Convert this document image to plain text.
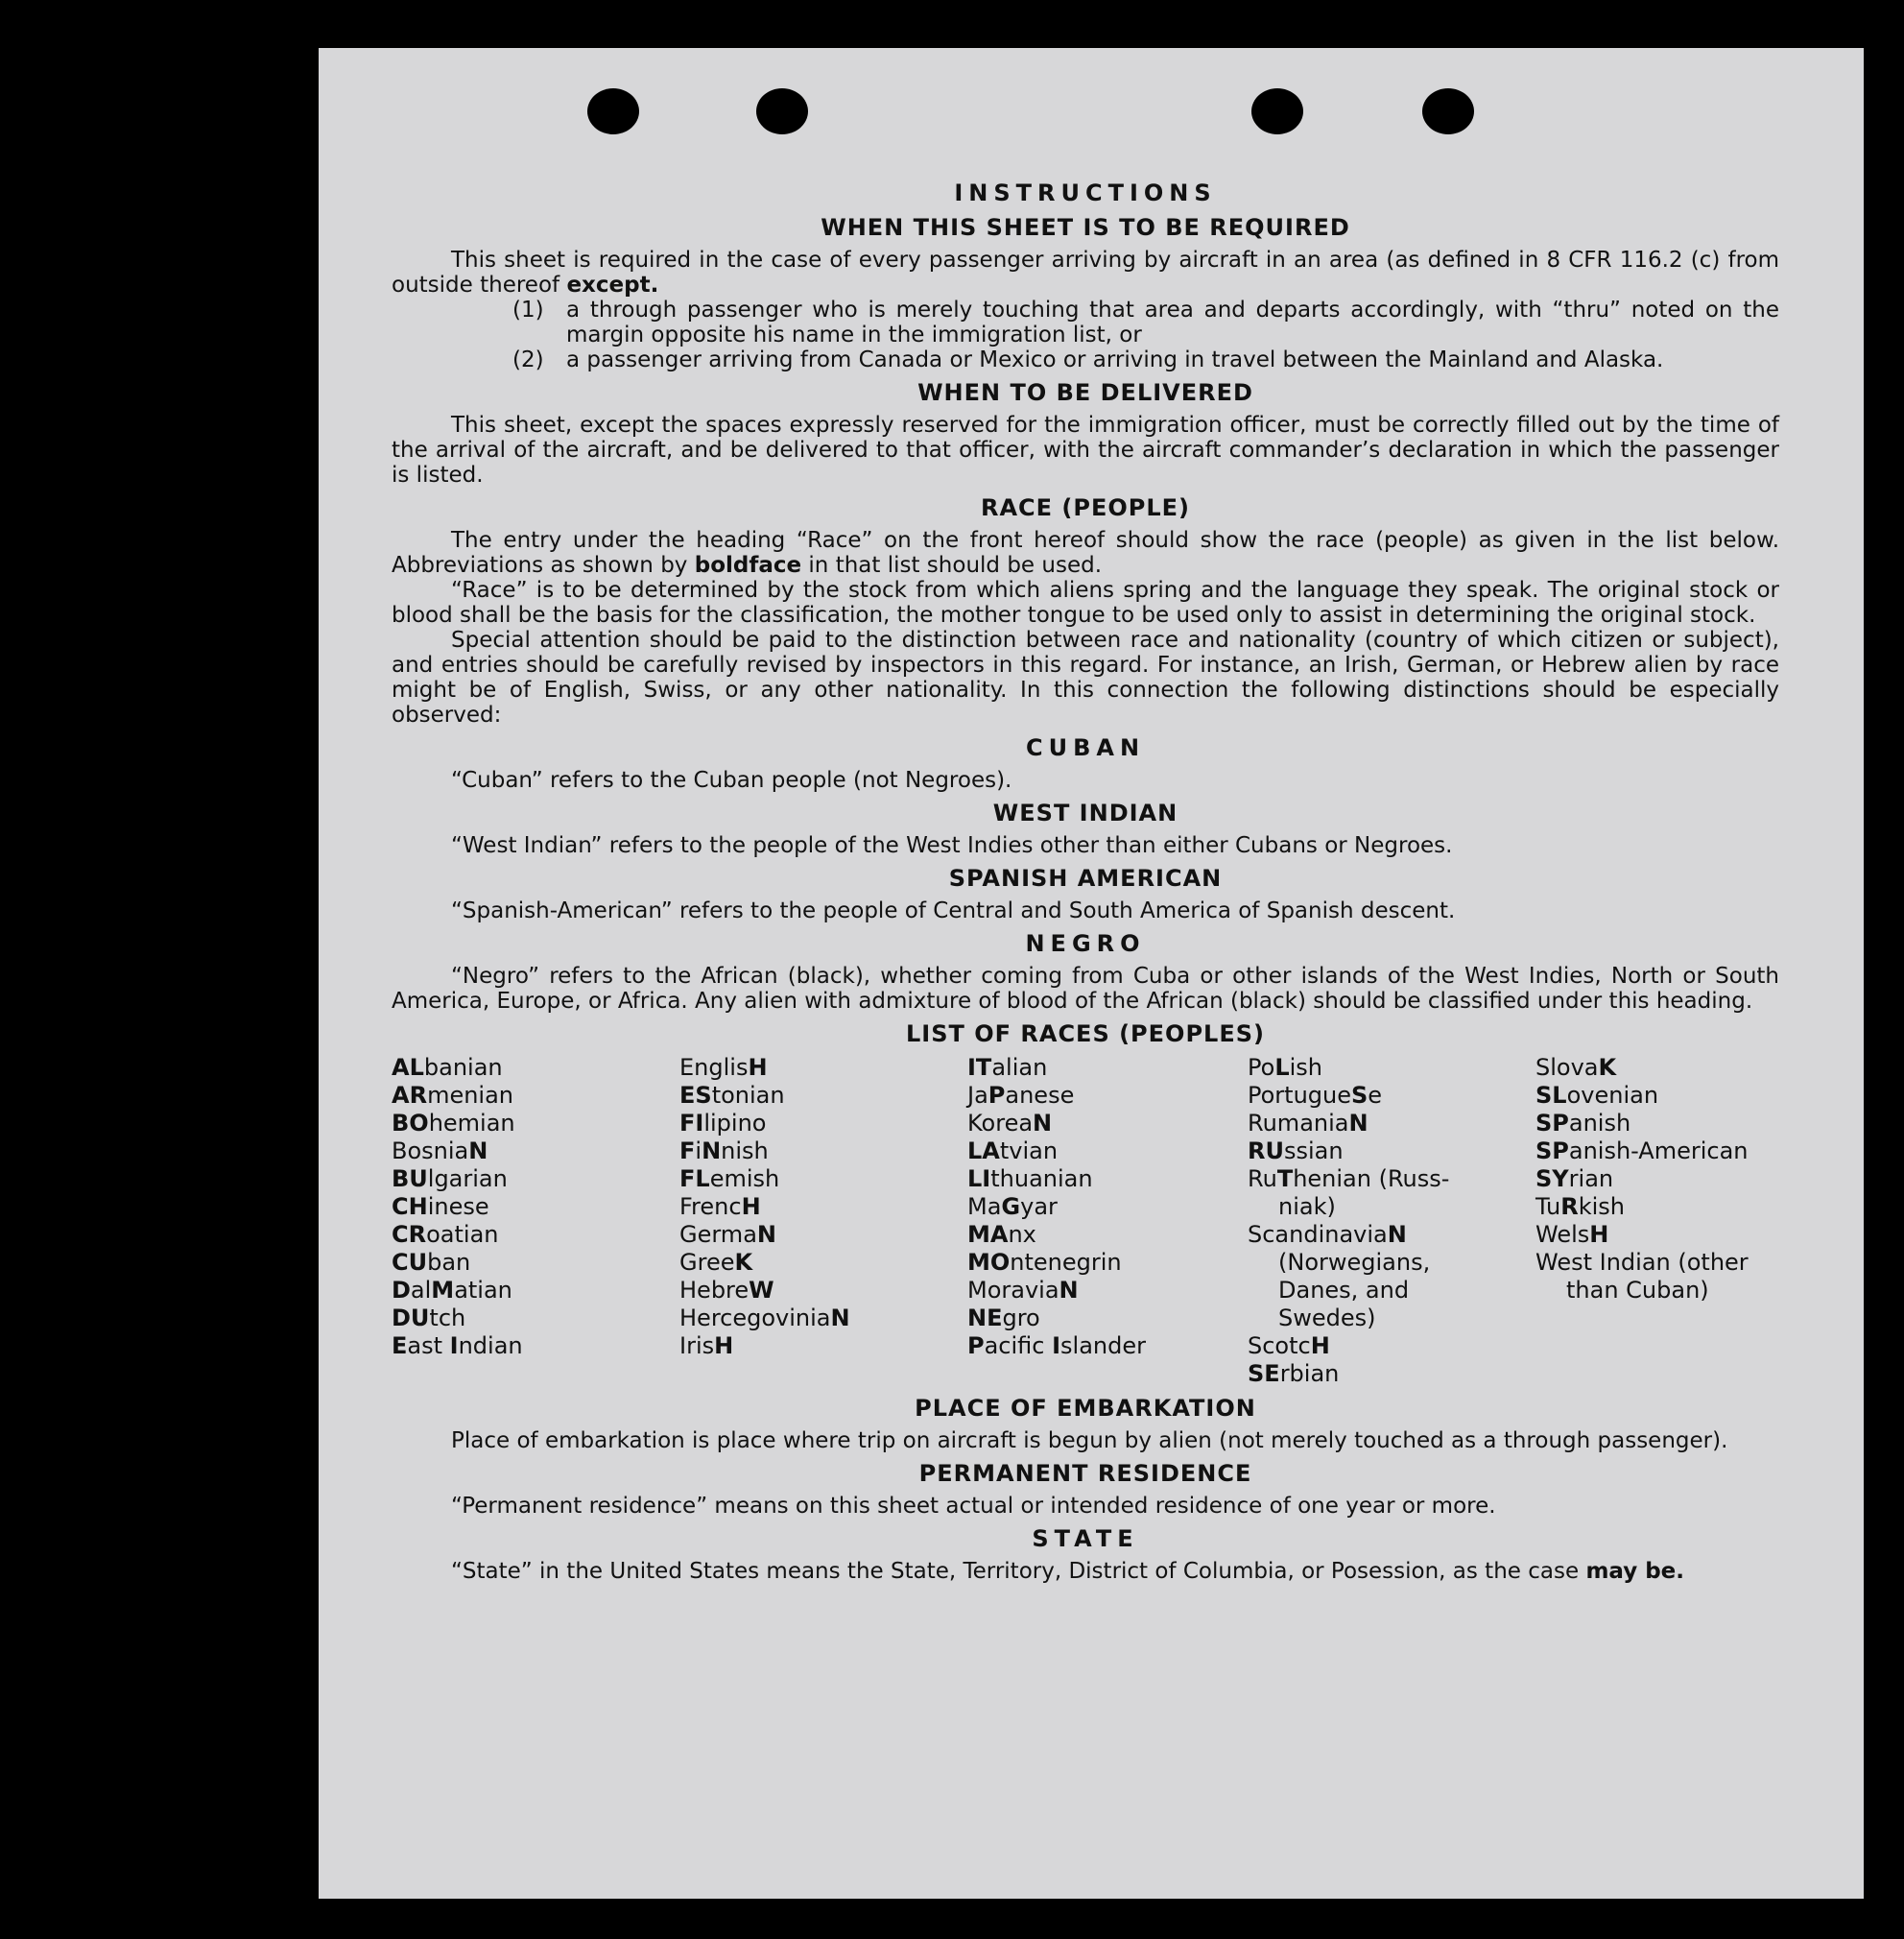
INSTRUCTIONS
WHEN THIS SHEET IS TO BE REQUIRED

This sheet is required in the case of every passenger arriving by aircraft in an area (as defined in 8 CFR 116.2 (c) from outside thereof except.

(1)	a through passenger who is merely touching that area and departs accordingly, with “thru” noted on the margin opposite his name in the immigration list, or
(2)	a passenger arriving from Canada or Mexico or arriving in travel between the Mainland and Alaska.
WHEN TO BE DELIVERED

This sheet, except the spaces expressly reserved for the immigration officer, must be correctly filled out by the time of the arrival of the aircraft, and be delivered to that officer, with the aircraft commander’s declaration in which the passenger is listed.

RACE (PEOPLE)

The entry under the heading “Race” on the front hereof should show the race (people) as given in the list below. Abbreviations as shown by boldface in that list should be used.

“Race” is to be determined by the stock from which aliens spring and the language they speak. The original stock or blood shall be the basis for the classification, the mother tongue to be used only to assist in determining the original stock.

Special attention should be paid to the distinction between race and nationality (country of which citizen or subject), and entries should be carefully revised by inspectors in this regard. For instance, an Irish, German, or Hebrew alien by race might be of English, Swiss, or any other nationality. In this connection the following distinctions should be especially observed:

CUBAN

“Cuban” refers to the Cuban people (not Negroes).

WEST INDIAN

“West Indian” refers to the people of the West Indies other than either Cubans or Negroes.

SPANISH AMERICAN

“Spanish-American” refers to the people of Central and South America of Spanish descent.

NEGRO

“Negro” refers to the African (black), whether coming from Cuba or other islands of the West Indies, North or South America, Europe, or Africa. Any alien with admixture of blood of the African (black) should be classified under this heading.

LIST OF RACES (PEOPLES)
ALbanian
ARmenian
BOhemian
BosniaN
BUlgarian
CHinese
CRoatian
CUban
DalMatian
DUtch
East Indian
EnglisH
EStonian
FIlipino
FiNnish
FLemish
FrencH
GermaN
GreeK
HebreW
HercegoviniaN
IrisH
ITalian
JaPanese
KoreaN
LAtvian
LIthuanian
MaGyar
MAnx
MOntenegrin
MoraviaN
NEgro
Pacific Islander
PoLish
PortugueSe
RumaniaN
RUssian
RuThenian (Russ-
niak)
ScandinaviaN
(Norwegians,
Danes, and
Swedes)
ScotcH
SErbian
SlovaK
SLovenian
SPanish
SPanish-American
SYrian
TuRkish
WelsH
West Indian (other
than Cuban)
PLACE OF EMBARKATION

Place of embarkation is place where trip on aircraft is begun by alien (not merely touched as a through passenger).

PERMANENT RESIDENCE

“Permanent residence” means on this sheet actual or intended residence of one year or more.

STATE

“State” in the United States means the State, Territory, District of Columbia, or Posession, as the case may be.
